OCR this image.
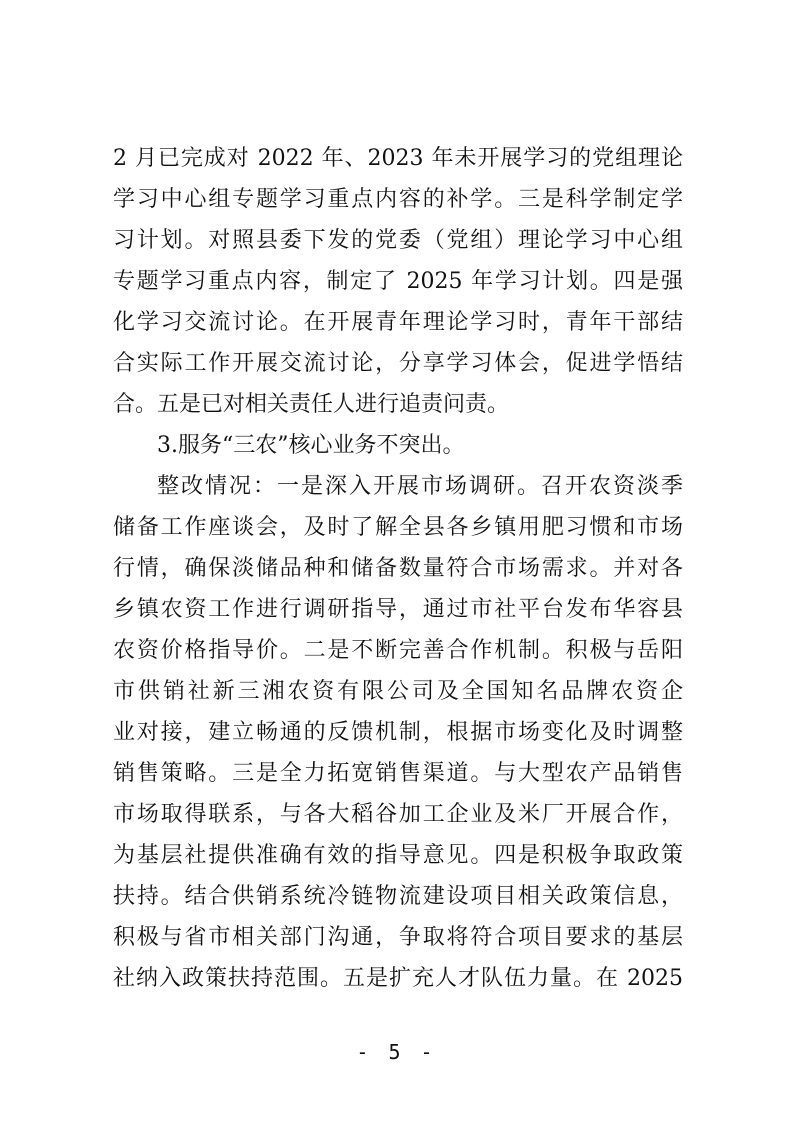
2 月已完成对 2022 年、2023 年未开展学习的党组理论
学习中心组专题学习重点内容的补学。三是科学制定学
习计划。对照县委下发的党委（党组）理论学习中心组
专题学习重点内容，制定了 2025 年学习计划。四是强
化学习交流讨论。在开展青年理论学习时，青年干部结
合实际工作开展交流讨论，分享学习体会，促进学悟结
合。五是已对相关责任人进行追责问责。
3.服务“三农”核心业务不突出。
整改情况：一是深入开展市场调研。召开农资淡季
储备工作座谈会，及时了解全县各乡镇用肥习惯和市场
行情，确保淡储品种和储备数量符合市场需求。并对各
乡镇农资工作进行调研指导，通过市社平台发布华容县
农资价格指导价。二是不断完善合作机制。积极与岳阳
市供销社新三湘农资有限公司及全国知名品牌农资企
业对接，建立畅通的反馈机制，根据市场变化及时调整
销售策略。三是全力拓宽销售渠道。与大型农产品销售
市场取得联系，与各大稻谷加工企业及米厂开展合作，
为基层社提供准确有效的指导意见。四是积极争取政策
扶持。结合供销系统冷链物流建设项目相关政策信息，
积极与省市相关部门沟通，争取将符合项目要求的基层
社纳入政策扶持范围。五是扩充人才队伍力量。在 2025
- 5 -
